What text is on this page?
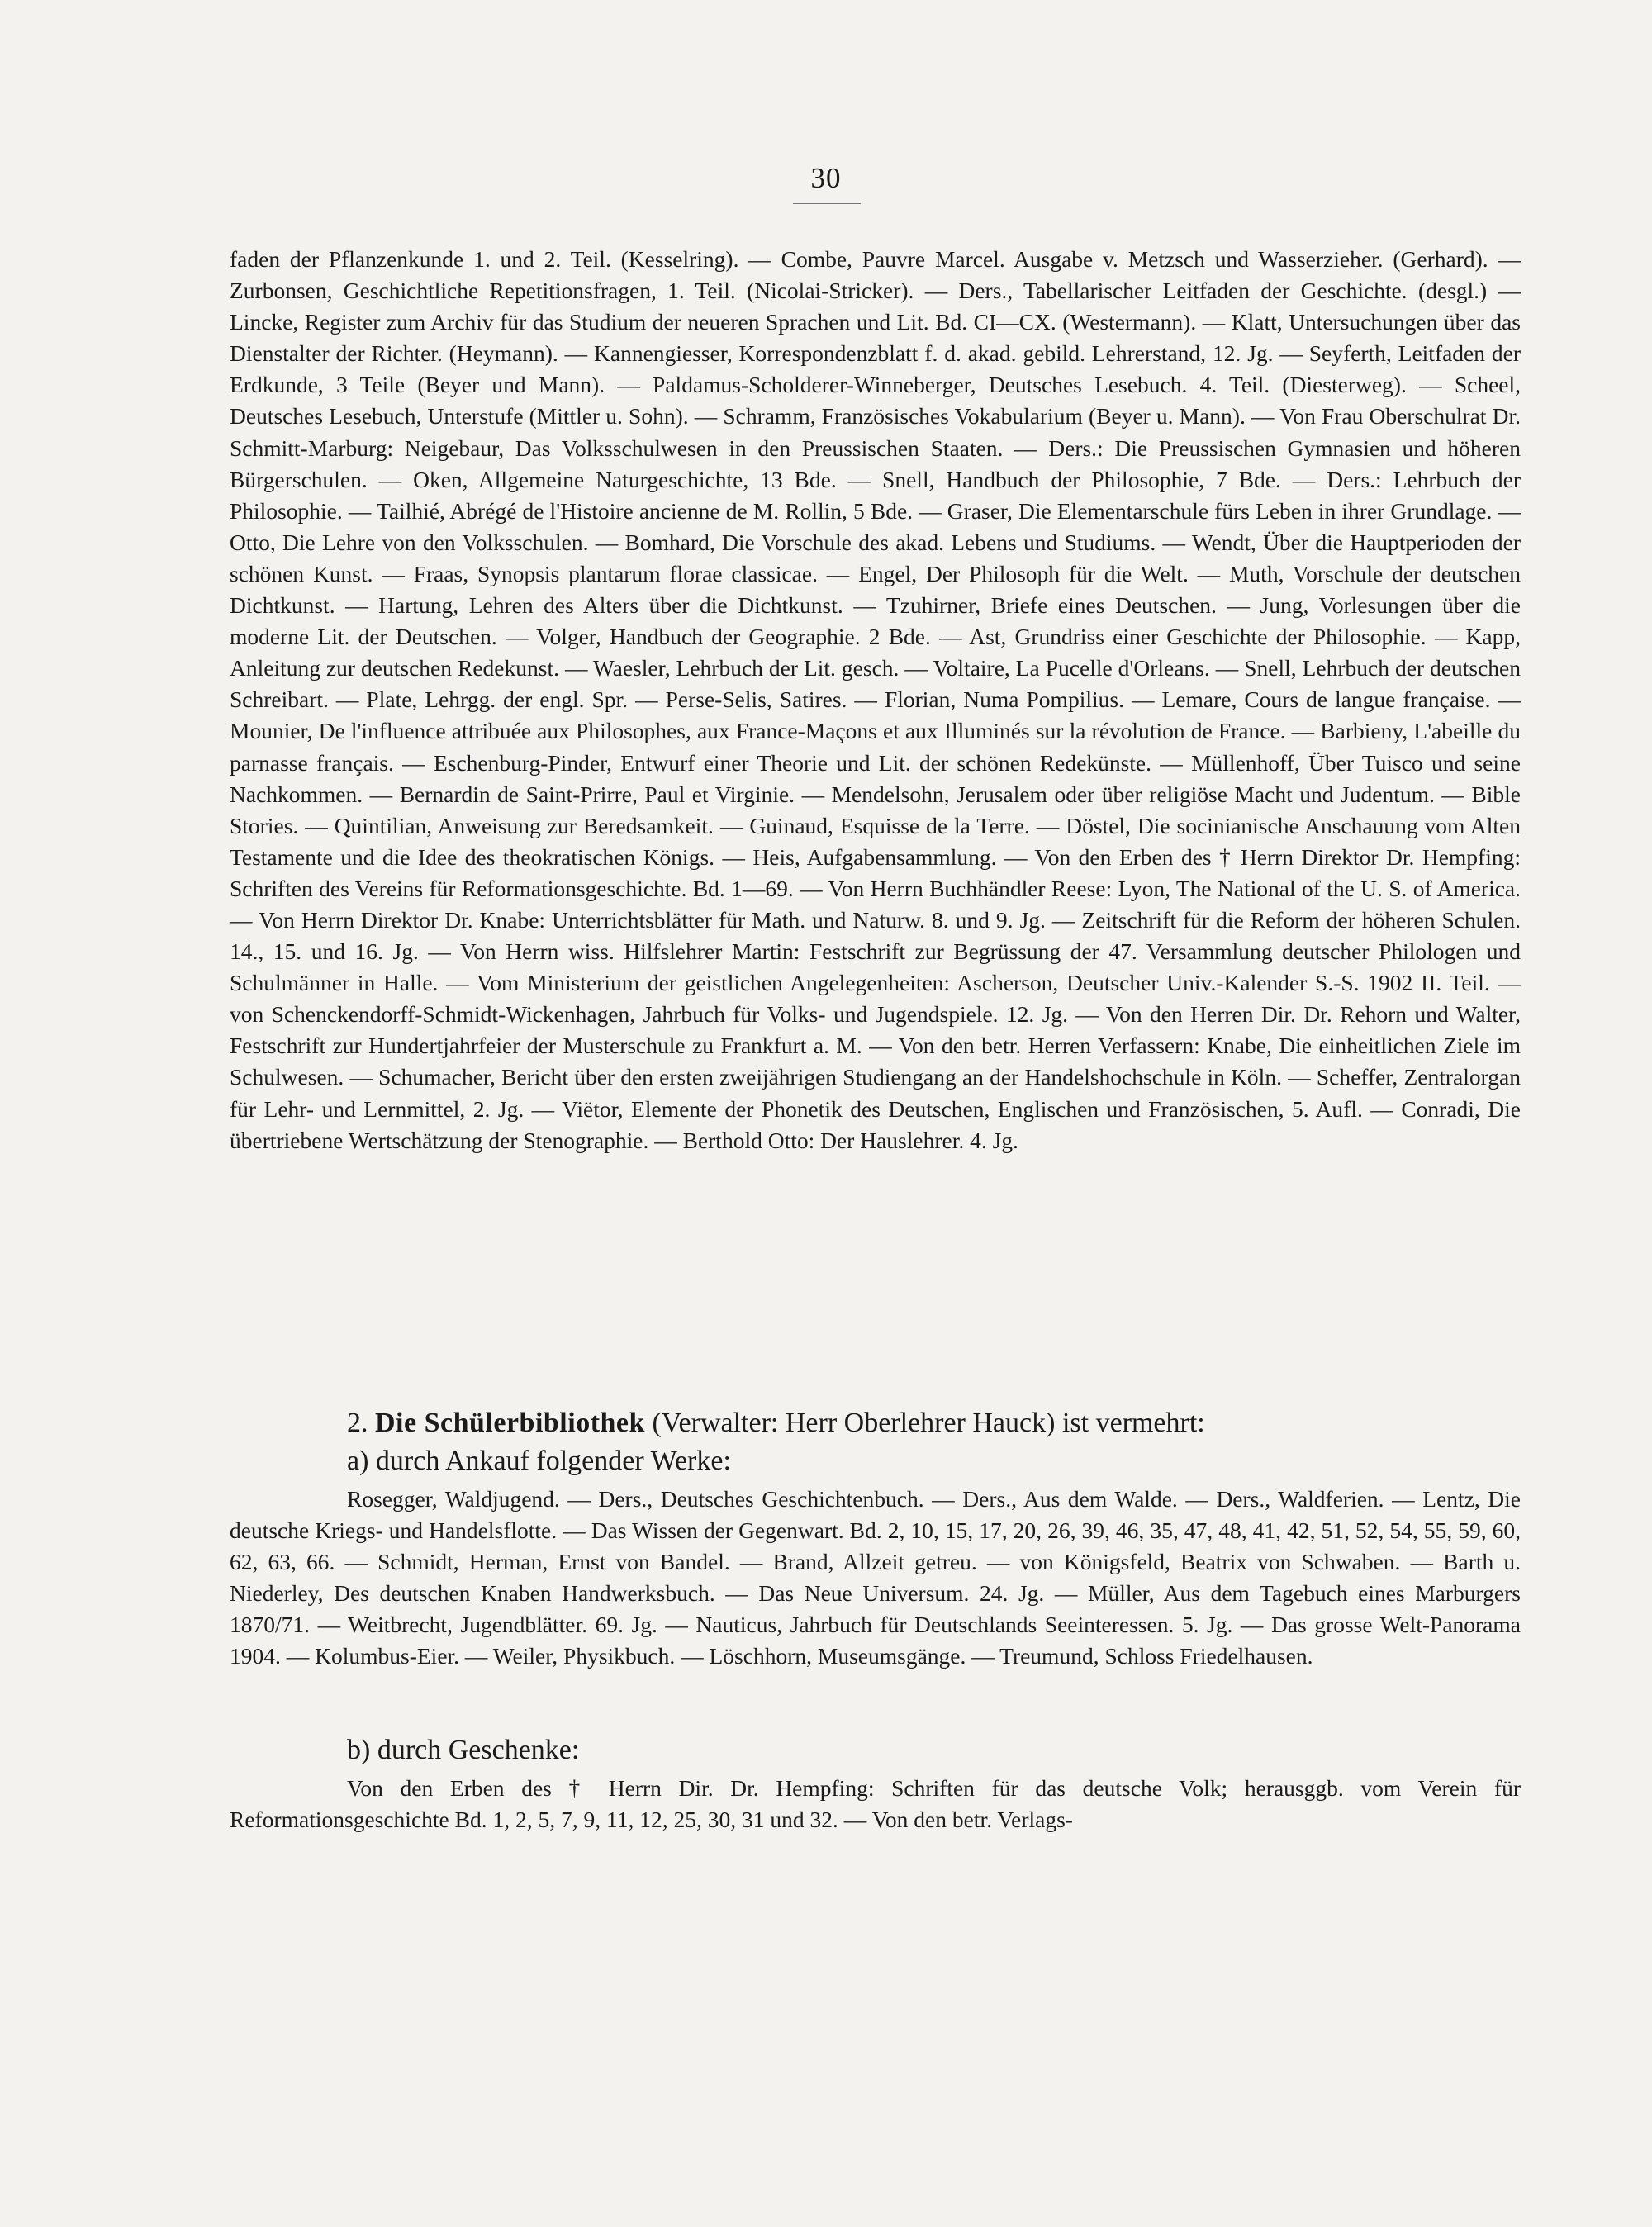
30

faden der Pflanzenkunde 1. und 2. Teil. (Kesselring). — Combe, Pauvre Marcel. Ausgabe v. Metzsch und Wasserzieher. (Gerhard). — Zurbonsen, Geschichtliche Repetitionsfragen, 1. Teil. (Nicolai-Stricker). — Ders., Tabellarischer Leitfaden der Geschichte. (desgl.) — Lincke, Register zum Archiv für das Studium der neueren Sprachen und Lit. Bd. CI—CX. (Westermann). — Klatt, Untersuchungen über das Dienstalter der Richter. (Heymann). — Kannengiesser, Korrespondenzblatt f. d. akad. gebild. Lehrerstand, 12. Jg. — Seyferth, Leitfaden der Erdkunde, 3 Teile (Beyer und Mann). — Paldamus-Scholderer-Winneberger, Deutsches Lesebuch. 4. Teil. (Diesterweg). — Scheel, Deutsches Lesebuch, Unterstufe (Mittler u. Sohn). — Schramm, Französisches Vokabularium (Beyer u. Mann). — Von Frau Oberschulrat Dr. Schmitt-Marburg: Neigebaur, Das Volksschulwesen in den Preussischen Staaten. — Ders.: Die Preussischen Gymnasien und höheren Bürgerschulen. — Oken, Allgemeine Naturgeschichte, 13 Bde. — Snell, Handbuch der Philosophie, 7 Bde. — Ders.: Lehrbuch der Philosophie. — Tailhié, Abrégé de l'Histoire ancienne de M. Rollin, 5 Bde. — Graser, Die Elementarschule fürs Leben in ihrer Grundlage. — Otto, Die Lehre von den Volksschulen. — Bomhard, Die Vorschule des akad. Lebens und Studiums. — Wendt, Über die Hauptperioden der schönen Kunst. — Fraas, Synopsis plantarum florae classicae. — Engel, Der Philosoph für die Welt. — Muth, Vorschule der deutschen Dichtkunst. — Hartung, Lehren des Alters über die Dichtkunst. — Tzuhirner, Briefe eines Deutschen. — Jung, Vorlesungen über die moderne Lit. der Deutschen. — Volger, Handbuch der Geographie. 2 Bde. — Ast, Grundriss einer Geschichte der Philosophie. — Kapp, Anleitung zur deutschen Redekunst. — Waesler, Lehrbuch der Lit. gesch. — Voltaire, La Pucelle d'Orleans. — Snell, Lehrbuch der deutschen Schreibart. — Plate, Lehrgg. der engl. Spr. — Perse-Selis, Satires. — Florian, Numa Pompilius. — Lemare, Cours de langue française. — Mounier, De l'influence attribuée aux Philosophes, aux France-Maçons et aux Illuminés sur la révolution de France. — Barbieny, L'abeille du parnasse français. — Eschenburg-Pinder, Entwurf einer Theorie und Lit. der schönen Redekünste. — Müllenhoff, Über Tuisco und seine Nachkommen. — Bernardin de Saint-Prirre, Paul et Virginie. — Mendelsohn, Jerusalem oder über religiöse Macht und Judentum. — Bible Stories. — Quintilian, Anweisung zur Beredsamkeit. — Guinaud, Esquisse de la Terre. — Döstel, Die socinianische Anschauung vom Alten Testamente und die Idee des theokratischen Königs. — Heis, Aufgabensammlung. — Von den Erben des † Herrn Direktor Dr. Hempfing: Schriften des Vereins für Reformationsgeschichte. Bd. 1—69. — Von Herrn Buchhändler Reese: Lyon, The National of the U. S. of America. — Von Herrn Direktor Dr. Knabe: Unterrichtsblätter für Math. und Naturw. 8. und 9. Jg. — Zeitschrift für die Reform der höheren Schulen. 14., 15. und 16. Jg. — Von Herrn wiss. Hilfslehrer Martin: Festschrift zur Begrüssung der 47. Versammlung deutscher Philologen und Schulmänner in Halle. — Vom Ministerium der geistlichen Angelegenheiten: Ascherson, Deutscher Univ.-Kalender S.-S. 1902 II. Teil. — von Schenckendorff-Schmidt-Wickenhagen, Jahrbuch für Volks- und Jugendspiele. 12. Jg. — Von den Herren Dir. Dr. Rehorn und Walter, Festschrift zur Hundertjahrfeier der Musterschule zu Frankfurt a. M. — Von den betr. Herren Verfassern: Knabe, Die einheitlichen Ziele im Schulwesen. — Schumacher, Bericht über den ersten zweijährigen Studiengang an der Handelshochschule in Köln. — Scheffer, Zentralorgan für Lehr- und Lernmittel, 2. Jg. — Viëtor, Elemente der Phonetik des Deutschen, Englischen und Französischen, 5. Aufl. — Conradi, Die übertriebene Wertschätzung der Stenographie. — Berthold Otto: Der Hauslehrer. 4. Jg.

2. Die Schülerbibliothek (Verwalter: Herr Oberlehrer Hauck) ist vermehrt:
a) durch Ankauf folgender Werke:

Rosegger, Waldjugend. — Ders., Deutsches Geschichtenbuch. — Ders., Aus dem Walde. — Ders., Waldferien. — Lentz, Die deutsche Kriegs- und Handelsflotte. — Das Wissen der Gegenwart. Bd. 2, 10, 15, 17, 20, 26, 39, 46, 35, 47, 48, 41, 42, 51, 52, 54, 55, 59, 60, 62, 63, 66. — Schmidt, Herman, Ernst von Bandel. — Brand, Allzeit getreu. — von Königsfeld, Beatrix von Schwaben. — Barth u. Niederley, Des deutschen Knaben Handwerksbuch. — Das Neue Universum. 24. Jg. — Müller, Aus dem Tagebuch eines Marburgers 1870/71. — Weitbrecht, Jugendblätter. 69. Jg. — Nauticus, Jahrbuch für Deutschlands Seeinteressen. 5. Jg. — Das grosse Welt-Panorama 1904. — Kolumbus-Eier. — Weiler, Physikbuch. — Löschhorn, Museumsgänge. — Treumund, Schloss Friedelhausen.

b) durch Geschenke:

Von den Erben des † Herrn Dir. Dr. Hempfing: Schriften für das deutsche Volk; herausggb. vom Verein für Reformationsgeschichte Bd. 1, 2, 5, 7, 9, 11, 12, 25, 30, 31 und 32. — Von den betr. Verlags-
